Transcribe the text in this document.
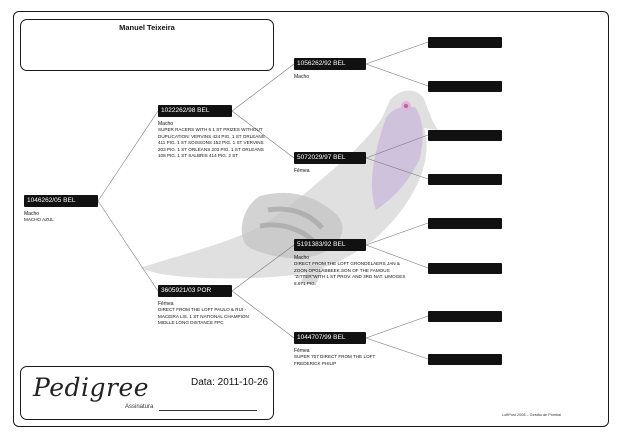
Manuel Teixeira
1046262/05 BEL
Macho
MACHO AZUL
1022262/98 BEL
Macho
SUPER RACERS WITH 6 1 ST PRIZES WITHOUT DUPLICATION: VERVINS 424 PIG. 1 ST ORLEANS 411 PIG. 1 ST SOISSONS 152 PIG. 1 ST VERVINS 203 PIG. 1 ST ORLEANS 203 PIG. 1 ST ORLEANS 108 PIG. 1 ST SALBRIS 414 PIG. 2 ST
3605921/03 POR
Fêmea
DIRECT FROM THE LOFT PAULO & RUI - MACEIRA LIS. 1 ST NATIONAL CHAMPION MIDLLE LONG DISTANCE FPC
1056262/92 BEL
Macho
5072029/97 BEL
Fêmea
5191383/92 BEL
Macho
DIRECT FROM THE LOFT GRONDELAERS JAN & ZOON OPGLABBEEK.SON OF THE FAMOUS "ZITTER"WITH 1 ST PROV. AND 3RD NAT. LIMOGES 8.671 PIG.
1044707/99 BEL
Fêmea
SUPER 707 DIRECT FROM THE LOFT FREDERICK PHILIP
Pedigree	Data: 2011-10-26
Assinatura
LoftPost 2008 – Gestão de Pombal
